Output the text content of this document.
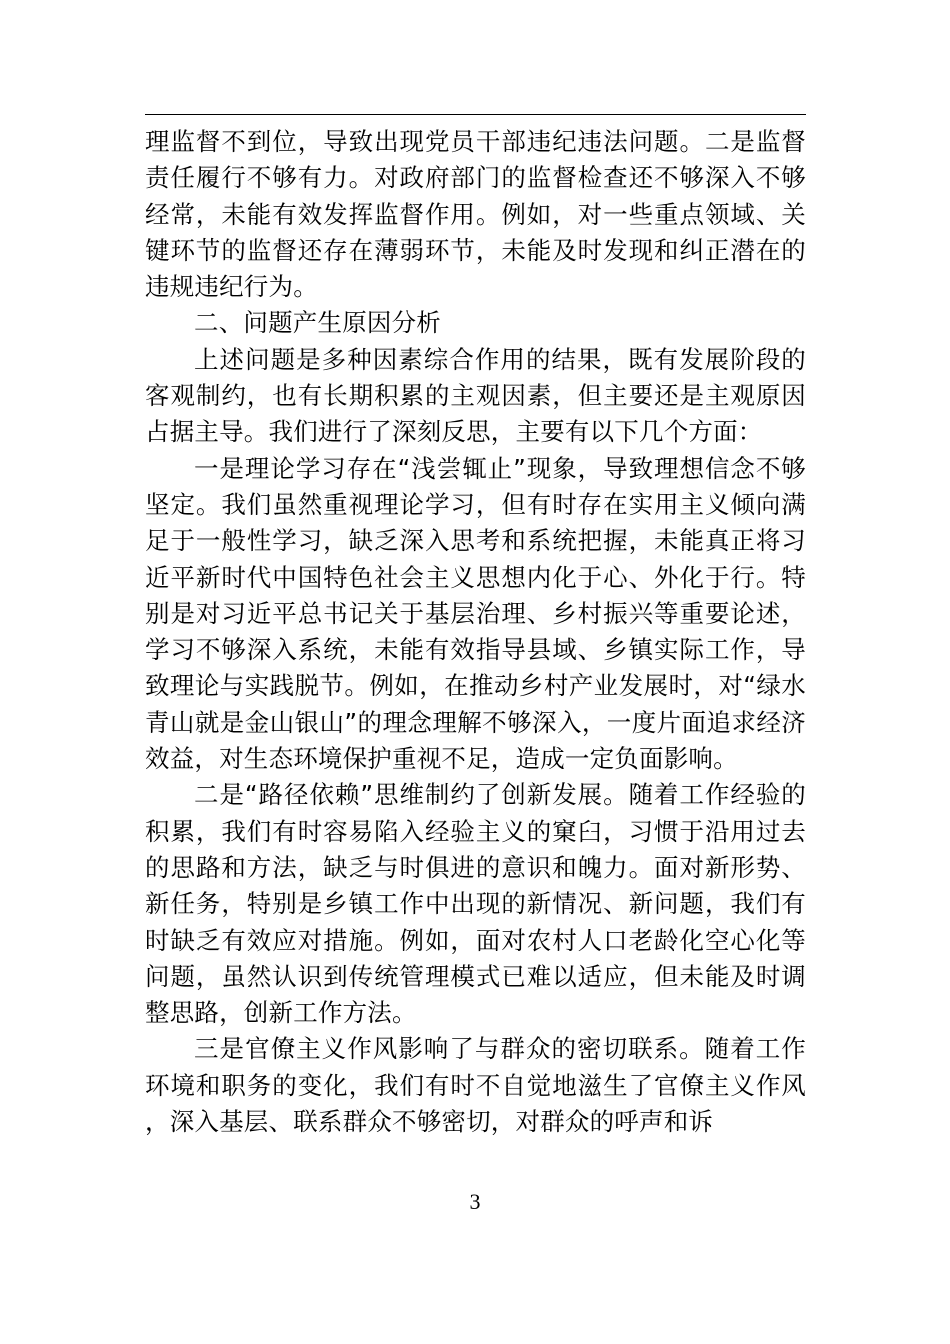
理监督不到位，导致出现党员干部违纪违法问题。二是监督责任履行不够有力。对政府部门的监督检查还不够深入不够经常，未能有效发挥监督作用。例如，对一些重点领域、关键环节的监督还存在薄弱环节，未能及时发现和纠正潜在的违规违纪行为。

二、问题产生原因分析

上述问题是多种因素综合作用的结果，既有发展阶段的客观制约，也有长期积累的主观因素，但主要还是主观原因占据主导。我们进行了深刻反思，主要有以下几个方面：

一是理论学习存在“浅尝辄止”现象，导致理想信念不够坚定。我们虽然重视理论学习，但有时存在实用主义倾向满足于一般性学习，缺乏深入思考和系统把握，未能真正将习近平新时代中国特色社会主义思想内化于心、外化于行。特别是对习近平总书记关于基层治理、乡村振兴等重要论述，学习不够深入系统，未能有效指导县域、乡镇实际工作，导致理论与实践脱节。例如，在推动乡村产业发展时，对“绿水青山就是金山银山”的理念理解不够深入，一度片面追求经济效益，对生态环境保护重视不足，造成一定负面影响。

二是“路径依赖”思维制约了创新发展。随着工作经验的积累，我们有时容易陷入经验主义的窠臼，习惯于沿用过去的思路和方法，缺乏与时俱进的意识和魄力。面对新形势、新任务，特别是乡镇工作中出现的新情况、新问题，我们有时缺乏有效应对措施。例如，面对农村人口老龄化空心化等问题，虽然认识到传统管理模式已难以适应，但未能及时调整思路，创新工作方法。

三是官僚主义作风影响了与群众的密切联系。随着工作环境和职务的变化，我们有时不自觉地滋生了官僚主义作风，深入基层、联系群众不够密切，对群众的呼声和诉

3
